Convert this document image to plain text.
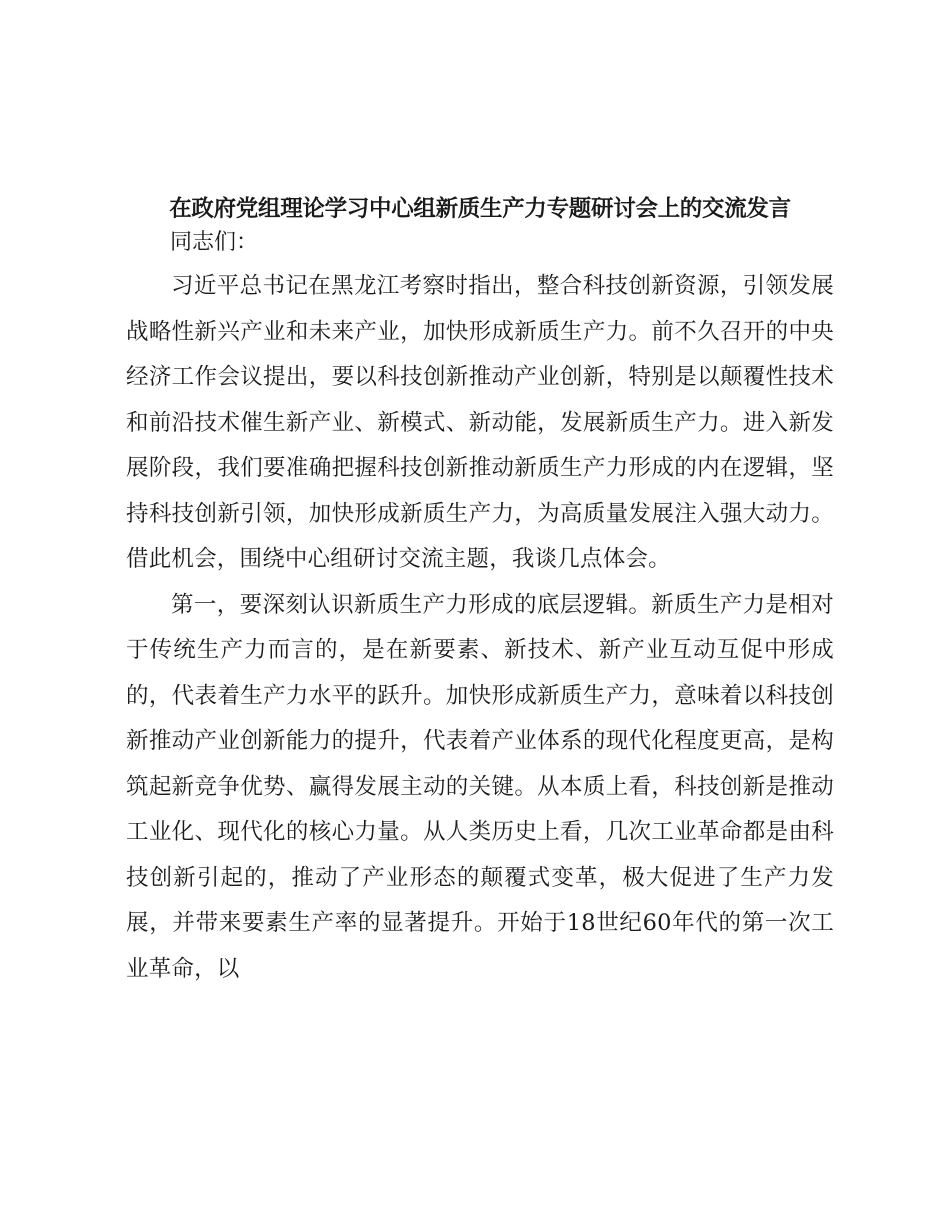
在政府党组理论学习中心组新质生产力专题研讨会上的交流发言

同志们：

习近平总书记在黑龙江考察时指出，整合科技创新资源，引领发展战略性新兴产业和未来产业，加快形成新质生产力。前不久召开的中央经济工作会议提出，要以科技创新推动产业创新，特别是以颠覆性技术和前沿技术催生新产业、新模式、新动能，发展新质生产力。进入新发展阶段，我们要准确把握科技创新推动新质生产力形成的内在逻辑，坚持科技创新引领，加快形成新质生产力，为高质量发展注入强大动力。借此机会，围绕中心组研讨交流主题，我谈几点体会。

第一，要深刻认识新质生产力形成的底层逻辑。新质生产力是相对于传统生产力而言的，是在新要素、新技术、新产业互动互促中形成的，代表着生产力水平的跃升。加快形成新质生产力，意味着以科技创新推动产业创新能力的提升，代表着产业体系的现代化程度更高，是构筑起新竞争优势、赢得发展主动的关键。从本质上看，科技创新是推动工业化、现代化的核心力量。从人类历史上看，几次工业革命都是由科技创新引起的，推动了产业形态的颠覆式变革，极大促进了生产力发展，并带来要素生产率的显著提升。开始于18世纪60年代的第一次工业革命，以
